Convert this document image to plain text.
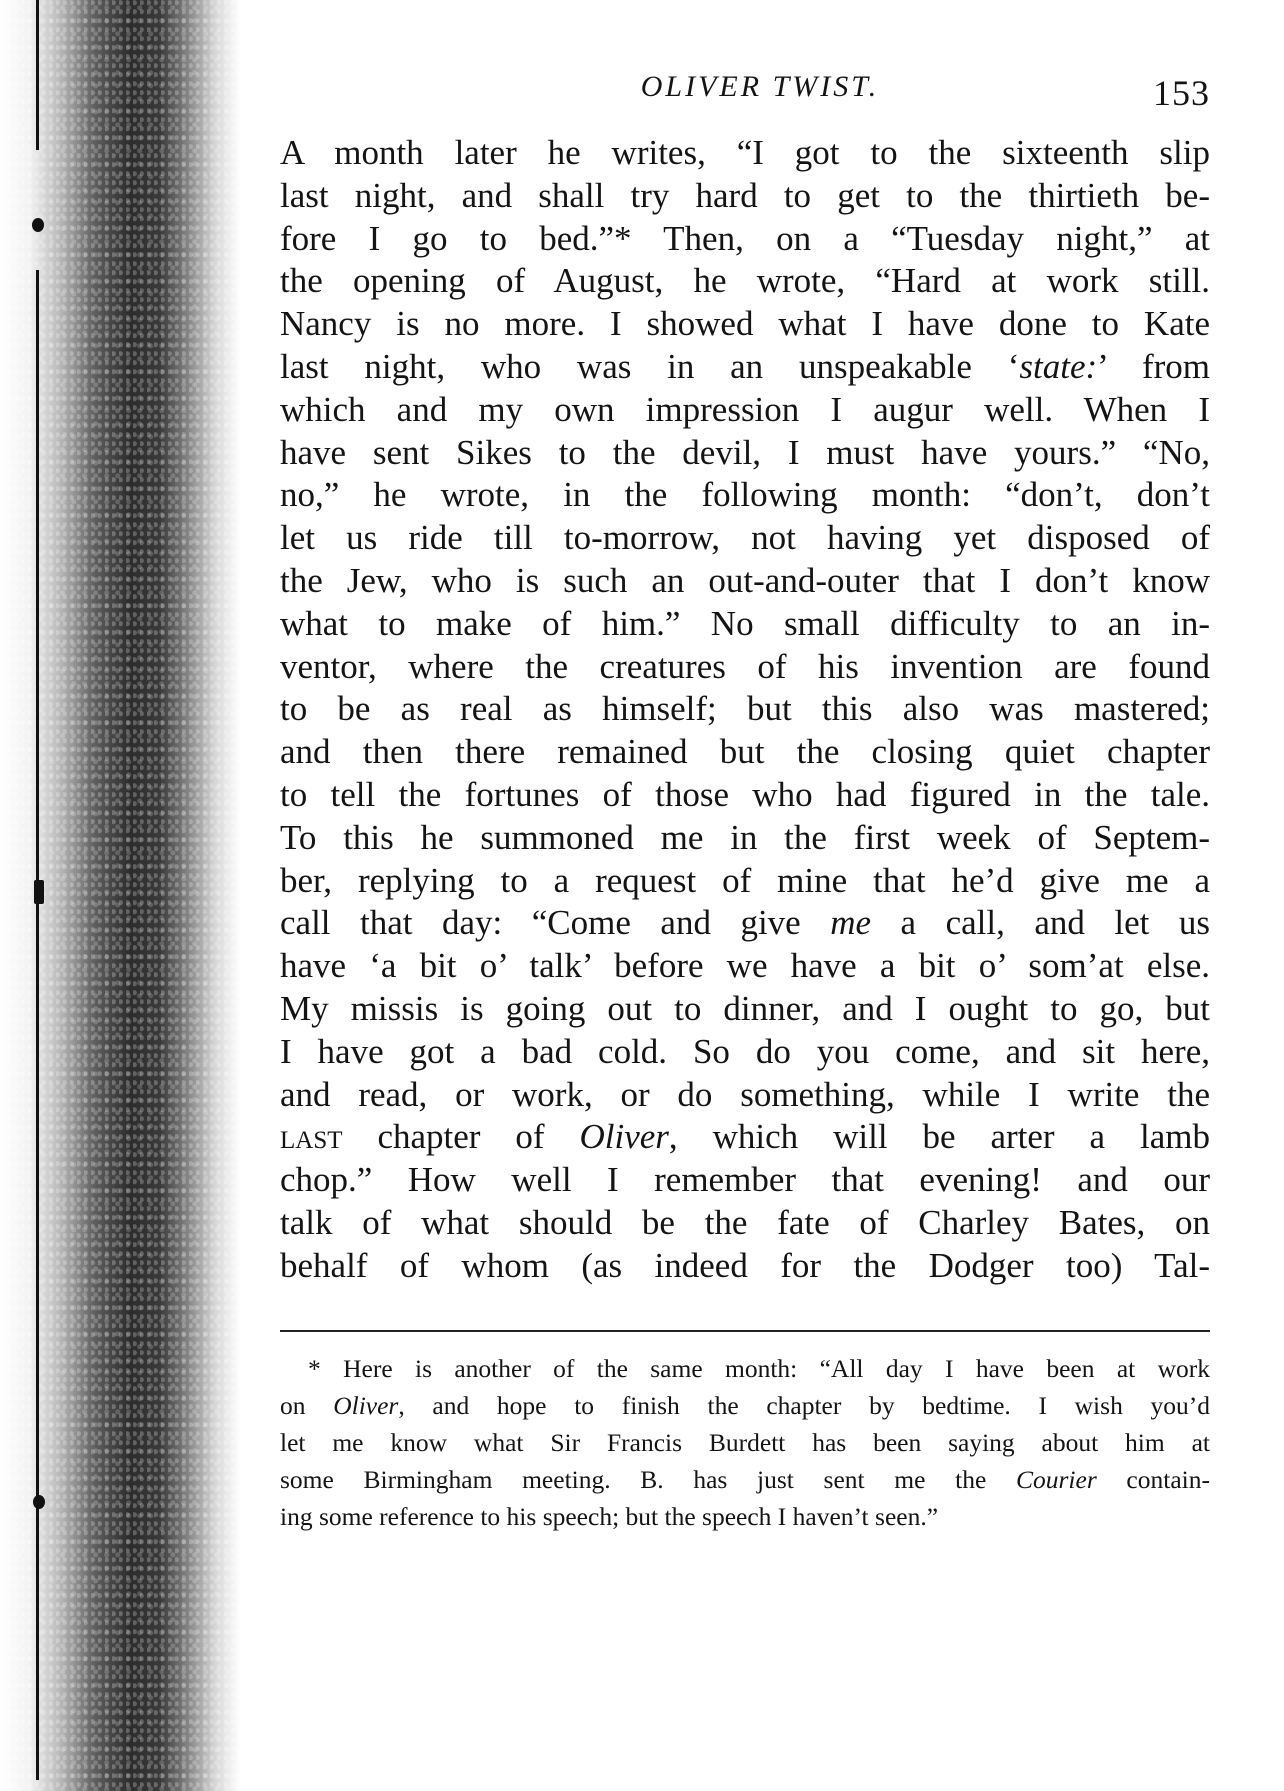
OLIVER TWIST.	153
A month later he writes, “I got to the sixteenth slip
last night, and shall try hard to get to the thirtieth be-
fore I go to bed.”* Then, on a “Tuesday night,” at
the opening of August, he wrote, “Hard at work still.
Nancy is no more. I showed what I have done to Kate
last night, who was in an unspeakable ‘state:’ from
which and my own impression I augur well. When I
have sent Sikes to the devil, I must have yours.” “No,
no,” he wrote, in the following month: “don’t, don’t
let us ride till to-morrow, not having yet disposed of
the Jew, who is such an out-and-outer that I don’t know
what to make of him.” No small difficulty to an in-
ventor, where the creatures of his invention are found
to be as real as himself; but this also was mastered;
and then there remained but the closing quiet chapter
to tell the fortunes of those who had figured in the tale.
To this he summoned me in the first week of Septem-
ber, replying to a request of mine that he’d give me a
call that day: “Come and give me a call, and let us
have ‘a bit o’ talk’ before we have a bit o’ som’at else.
My missis is going out to dinner, and I ought to go, but
I have got a bad cold. So do you come, and sit here,
and read, or work, or do something, while I write the
last chapter of Oliver, which will be arter a lamb
chop.” How well I remember that evening! and our
talk of what should be the fate of Charley Bates, on
behalf of whom (as indeed for the Dodger too) Tal-
* Here is another of the same month: “All day I have been at work
on Oliver, and hope to finish the chapter by bedtime. I wish you’d
let me know what Sir Francis Burdett has been saying about him at
some Birmingham meeting. B. has just sent me the Courier contain-
ing some reference to his speech; but the speech I haven’t seen.”
